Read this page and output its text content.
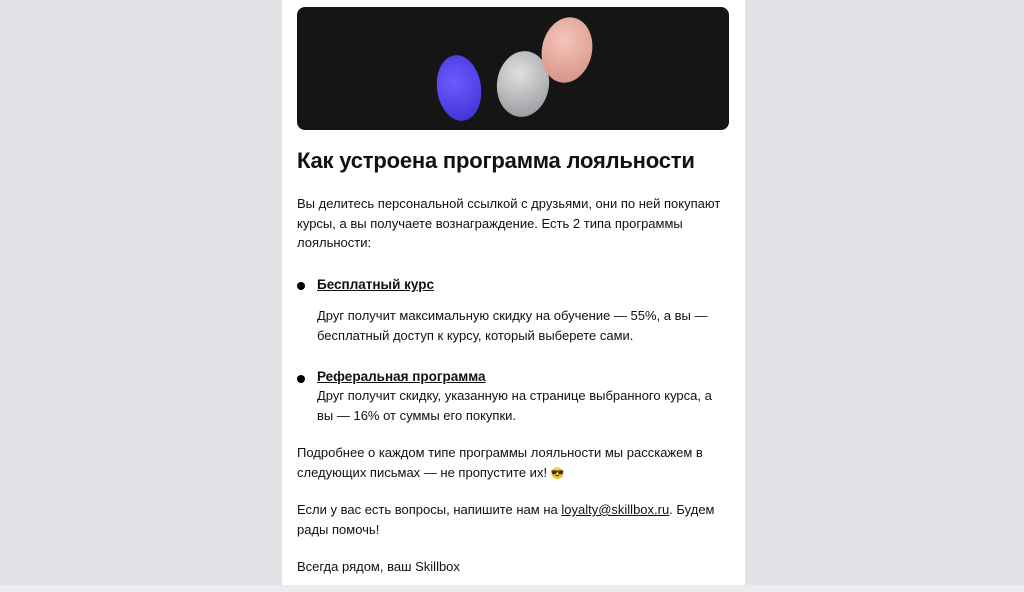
Как устроена программа лояльности

Вы делитесь персональной ссылкой с друзьями, они по ней покупают курсы, а вы получаете вознаграждение. Есть 2 типа программы лояльности:

Бесплатный курс

Друг получит максимальную скидку на обучение — 55%, а вы — бесплатный доступ к курсу, который выберете сами.

Реферальная программа

Друг получит скидку, указанную на странице выбранного курса, а вы — 16% от суммы его покупки.

Подробнее о каждом типе программы лояльности мы расскажем в следующих письмах — не пропустите их! 😎

Если у вас есть вопросы, напишите нам на loyalty@skillbox.ru. Будем рады помочь!

Всегда рядом, ваш Skillbox
